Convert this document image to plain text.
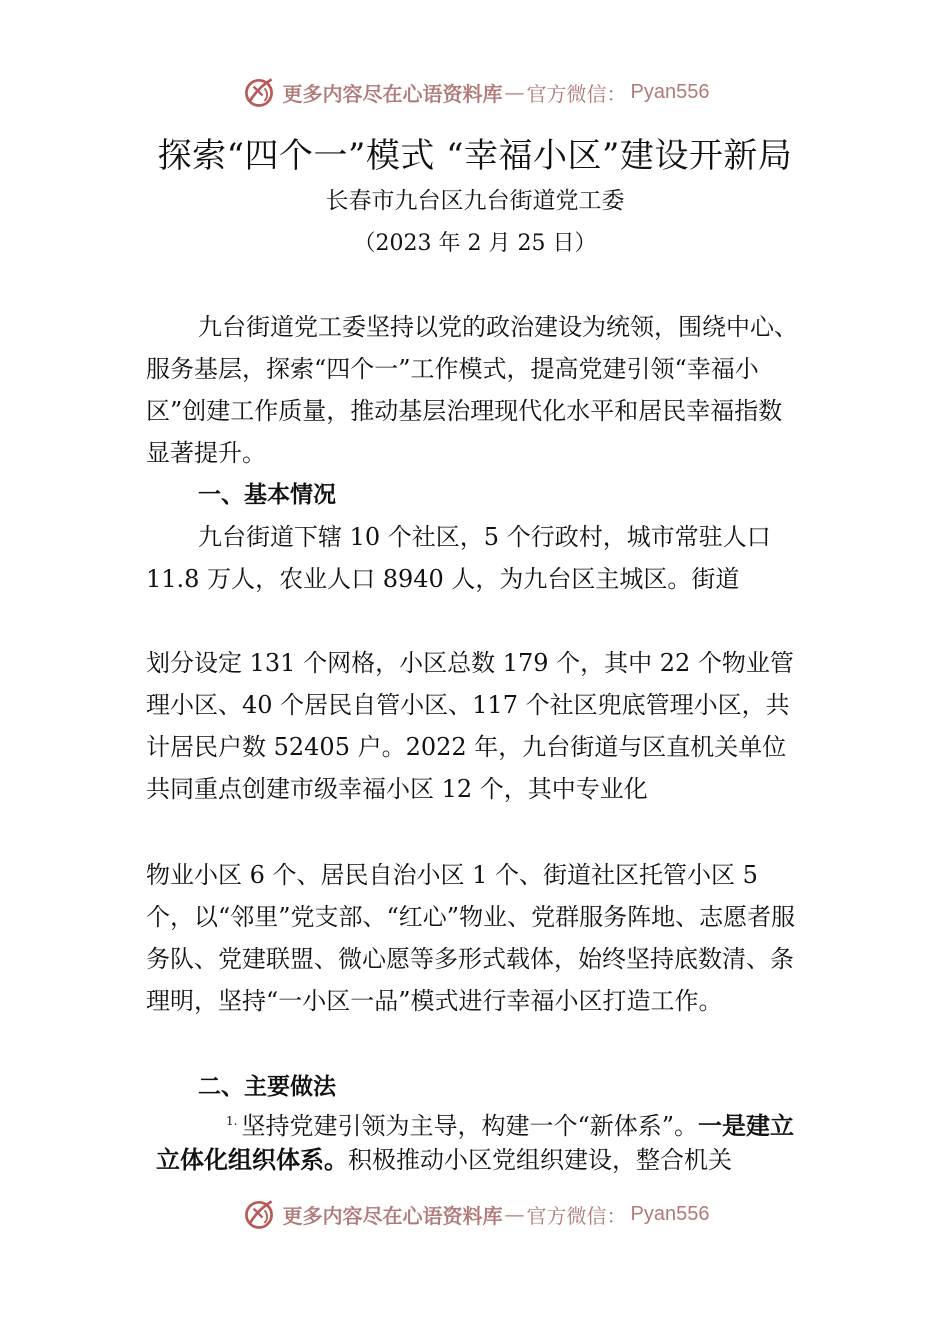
更多内容尽在心语资料库 — 官方微信： Pyan556
探索“四个一”模式 “幸福小区”建设开新局
长春市九台区九台街道党工委
（2023 年 2 月 25 日）
九台街道党工委坚持以党的政治建设为统领，围绕中心、服务基层，探索“四个一”工作模式，提高党建引领“幸福小区”创建工作质量，推动基层治理现代化水平和居民幸福指数显著提升。
一、基本情况
九台街道下辖 10 个社区，5 个行政村，城市常驻人口 11.8 万人，农业人口 8940 人，为九台区主城区。街道
划分设定 131 个网格，小区总数 179 个，其中 22 个物业管理小区、40 个居民自管小区、117 个社区兜底管理小区，共计居民户数 52405 户。2022 年，九台街道与区直机关单位共同重点创建市级幸福小区 12 个，其中专业化
物业小区 6 个、居民自治小区 1 个、街道社区托管小区 5 个，以“邻里”党支部、“红心”物业、党群服务阵地、志愿者服务队、党建联盟、微心愿等多形式载体，始终坚持底数清、条理明，坚持“一小区一品”模式进行幸福小区打造工作。
二、主要做法
$^{1.}$ 坚持党建引领为主导，构建一个“新体系”。一是建立立体化组织体系。积极推动小区党组织建设，整合机关
更多内容尽在心语资料库 — 官方微信： Pyan556
